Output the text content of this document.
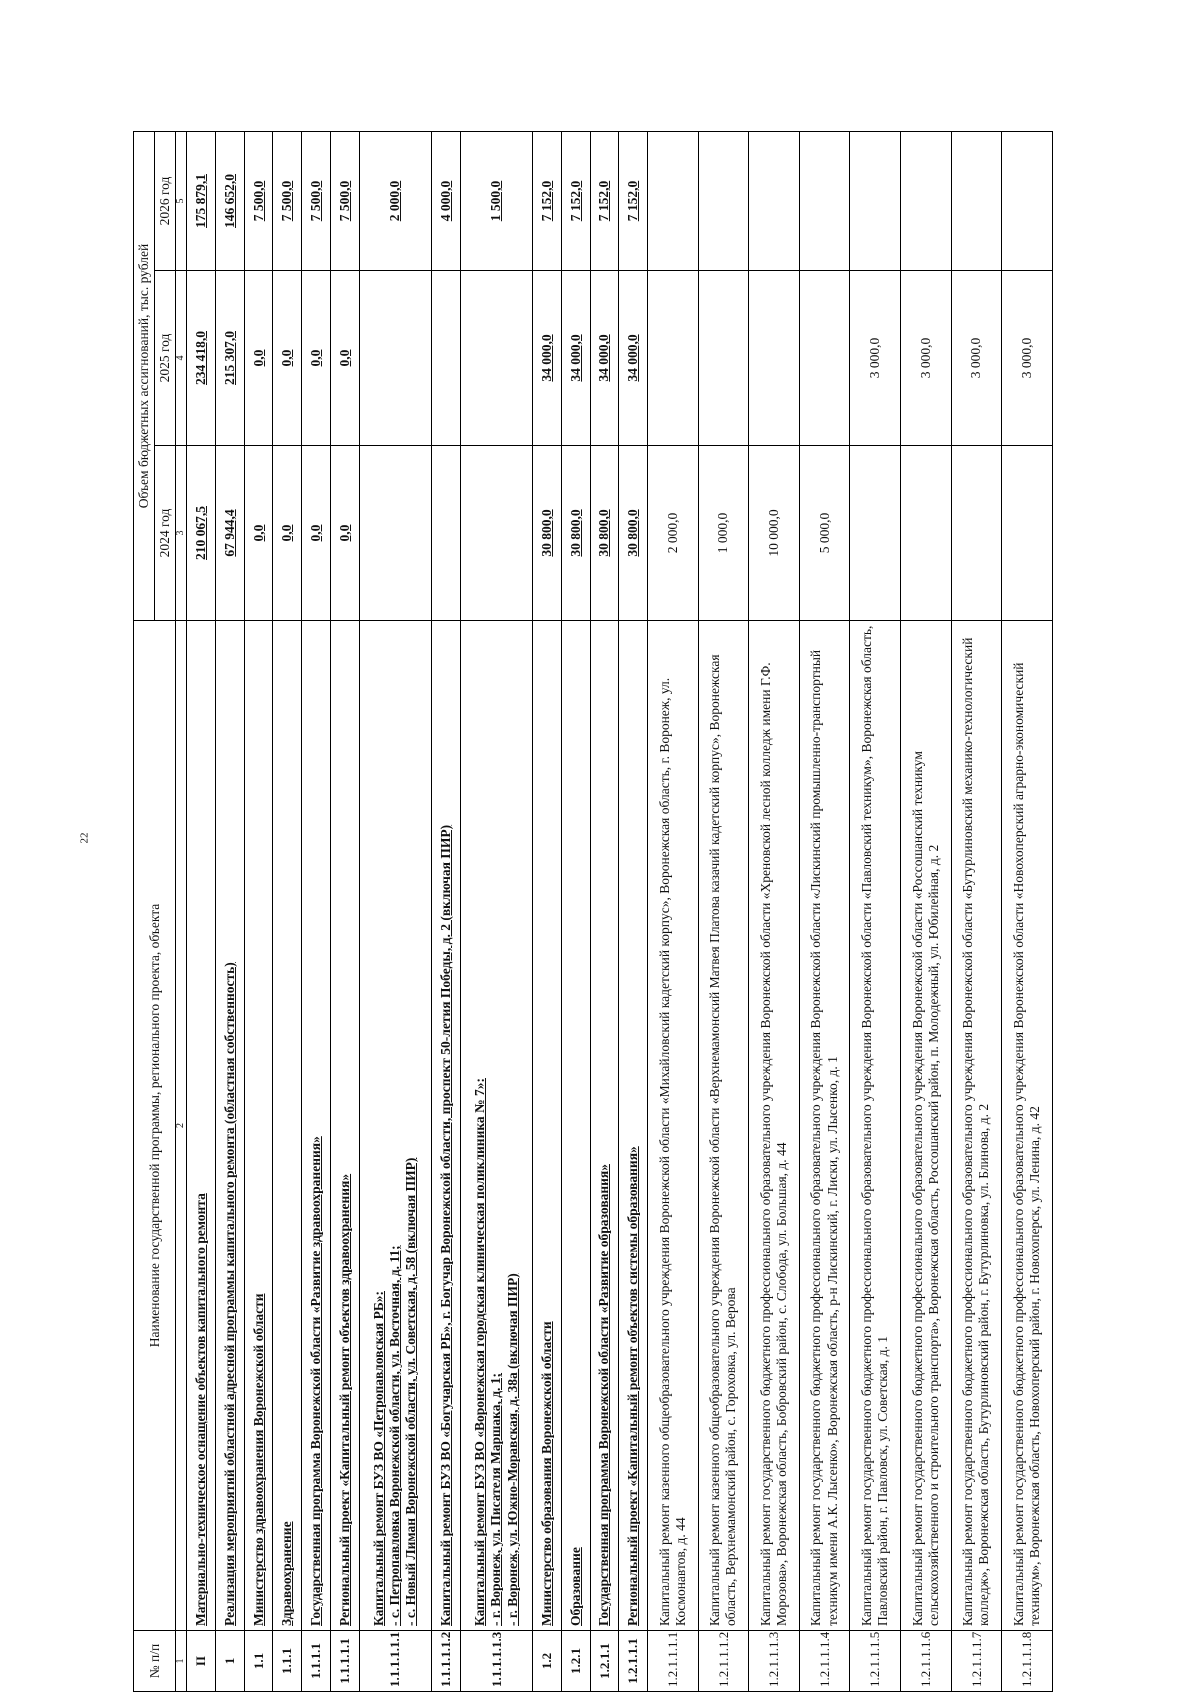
22
№ п/п	Наименование государственной программы, регионального проекта, объекта	Объем бюджетных ассигнований, тыс. рублей		
		2024 год	2025 год	2026 год
1	2	3	4	5
II	Материально-техническое оснащение объектов капитального ремонта	210 067,5	234 418,0	175 879,1
1	Реализация мероприятий областной адресной программы капитального ремонта (областная собственность)	67 944,4	215 307,0	146 652,0
1.1	Министерство здравоохранения Воронежской области	0,0	0,0	7 500,0
1.1.1	Здравоохранение	0,0	0,0	7 500,0
1.1.1.1	Государственная программа Воронежской области «Развитие здравоохранения»	0,0	0,0	7 500,0
1.1.1.1.1	Региональный проект «Капитальный ремонт объектов здравоохранения»	0,0	0,0	7 500,0
1.1.1.1.1.1	Капитальный ремонт БУЗ ВО «Петропавловская РБ»: - с. Петропавловка Воронежской области, ул. Восточная, д. 11; - с. Новый Лиман Воронежской области, ул. Советская, д. 58 (включая ПИР)			2 000,0
1.1.1.1.1.2	Капитальный ремонт БУЗ ВО «Богучарская РБ», г. Богучар Воронежской области, проспект 50-летия Победы, д. 2 (включая ПИР)			4 000,0
1.1.1.1.1.3	Капитальный ремонт БУЗ ВО «Воронежская городская клиническая поликлиника № 7»: - г. Воронеж, ул. Писателя Маршака, д. 1; - г. Воронеж, ул. Южно-Моравская, д. 38а (включая ПИР)			1 500,0
1.2	Министерство образования Воронежской области	30 800,0	34 000,0	7 152,0
1.2.1	Образование	30 800,0	34 000,0	7 152,0
1.2.1.1	Государственная программа Воронежской области «Развитие образования»	30 800,0	34 000,0	7 152,0
1.2.1.1.1	Региональный проект «Капитальный ремонт объектов системы образования»	30 800,0	34 000,0	7 152,0
1.2.1.1.1.1	Капитальный ремонт казенного общеобразовательного учреждения Воронежской области «Михайловский кадетский корпус», Воронежская область, г. Воронеж, ул. Космонавтов, д. 44	2 000,0		
1.2.1.1.1.2	Капитальный ремонт казенного общеобразовательного учреждения Воронежской области «Верхнемамонский Матвея Платова казачий кадетский корпус», Воронежская область, Верхнемамонский район, с. Гороховка, ул. Верова	1 000,0		
1.2.1.1.1.3	Капитальный ремонт государственного бюджетного профессионального образовательного учреждения Воронежской области «Хреновской лесной колледж имени Г.Ф. Морозова», Воронежская область, Бобровский район, с. Слобода, ул. Большая, д. 44	10 000,0		
1.2.1.1.1.4	Капитальный ремонт государственного бюджетного профессионального образовательного учреждения Воронежской области «Лискинский промышленно-транспортный техникум имени А.К. Лысенко», Воронежская область, р-н Лискинский, г. Лиски, ул. Лысенко, д. 1	5 000,0		
1.2.1.1.1.5	Капитальный ремонт государственного бюджетного профессионального образовательного учреждения Воронежской области «Павловский техникум», Воронежская область, Павловский район, г. Павловск, ул. Советская, д. 1		3 000,0	
1.2.1.1.1.6	Капитальный ремонт государственного бюджетного профессионального образовательного учреждения Воронежской области «Россошанский техникум сельскохозяйственного и строительного транспорта», Воронежская область, Россошанский район, п. Молодежный, ул. Юбилейная, д. 2		3 000,0	
1.2.1.1.1.7	Капитальный ремонт государственного бюджетного профессионального образовательного учреждения Воронежской области «Бутурлиновский механико-технологический колледж», Воронежская область, Бутурлиновский район, г. Бутурлиновка, ул. Блинова, д. 2		3 000,0	
1.2.1.1.1.8	Капитальный ремонт государственного бюджетного профессионального образовательного учреждения Воронежской области «Новохоперский аграрно-экономический техникум», Воронежская область, Новохоперский район, г. Новохоперск, ул. Ленина, д. 42		3 000,0	
